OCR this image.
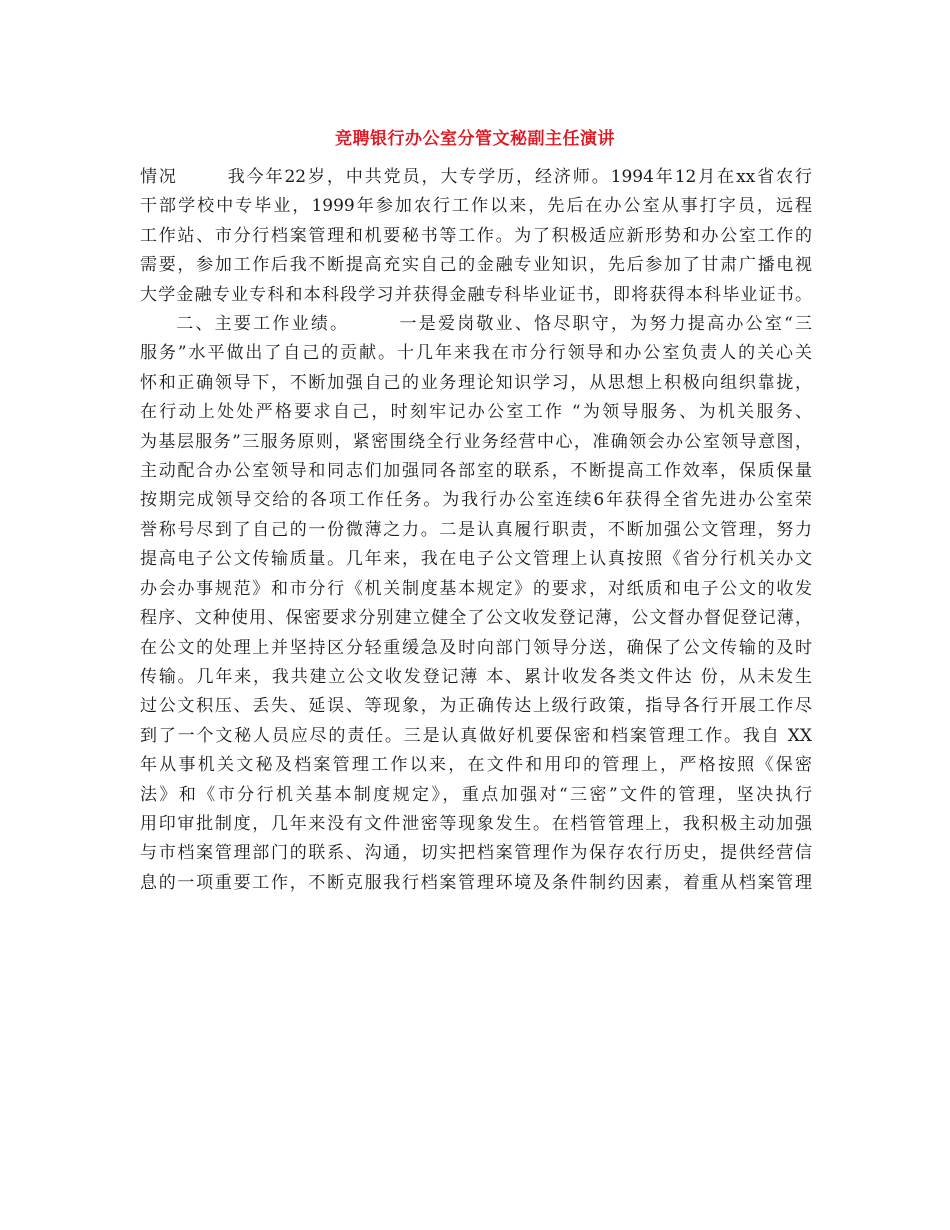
竞聘银行办公室分管文秘副主任演讲
情况	我今年22岁，中共党员，大专学历，经济师。1994年12月在xx省农行
干部学校中专毕业，1999年参加农行工作以来，先后在办公室从事打字员，远程
工作站、市分行档案管理和机要秘书等工作。为了积极适应新形势和办公室工作的
需要，参加工作后我不断提高充实自己的金融专业知识，先后参加了甘肃广播电视
大学金融专业专科和本科段学习并获得金融专科毕业证书，即将获得本科毕业证书。
二、主要工作业绩。	一是爱岗敬业、恪尽职守，为努力提高办公室“三
服务”水平做出了自己的贡献。十几年来我在市分行领导和办公室负责人的关心关
怀和正确领导下，不断加强自己的业务理论知识学习，从思想上积极向组织靠拢，
在行动上处处严格要求自己，时刻牢记办公室工作 “为领导服务、为机关服务、
为基层服务”三服务原则，紧密围绕全行业务经营中心，准确领会办公室领导意图，
主动配合办公室领导和同志们加强同各部室的联系，不断提高工作效率，保质保量
按期完成领导交给的各项工作任务。为我行办公室连续6年获得全省先进办公室荣
誉称号尽到了自己的一份微薄之力。二是认真履行职责，不断加强公文管理，努力
提高电子公文传输质量。几年来，我在电子公文管理上认真按照《省分行机关办文
办会办事规范》和市分行《机关制度基本规定》的要求，对纸质和电子公文的收发
程序、文种使用、保密要求分别建立健全了公文收发登记薄，公文督办督促登记薄，
在公文的处理上并坚持区分轻重缓急及时向部门领导分送，确保了公文传输的及时
传输。几年来，我共建立公文收发登记薄 本、累计收发各类文件达 份，从未发生
过公文积压、丢失、延误、等现象，为正确传达上级行政策，指导各行开展工作尽
到了一个文秘人员应尽的责任。三是认真做好机要保密和档案管理工作。我自 XX
年从事机关文秘及档案管理工作以来，在文件和用印的管理上，严格按照《保密
法》和《市分行机关基本制度规定》，重点加强对“三密”文件的管理，坚决执行
用印审批制度，几年来没有文件泄密等现象发生。在档管管理上，我积极主动加强
与市档案管理部门的联系、沟通，切实把档案管理作为保存农行历史，提供经营信
息的一项重要工作，不断克服我行档案管理环境及条件制约因素，着重从档案管理
